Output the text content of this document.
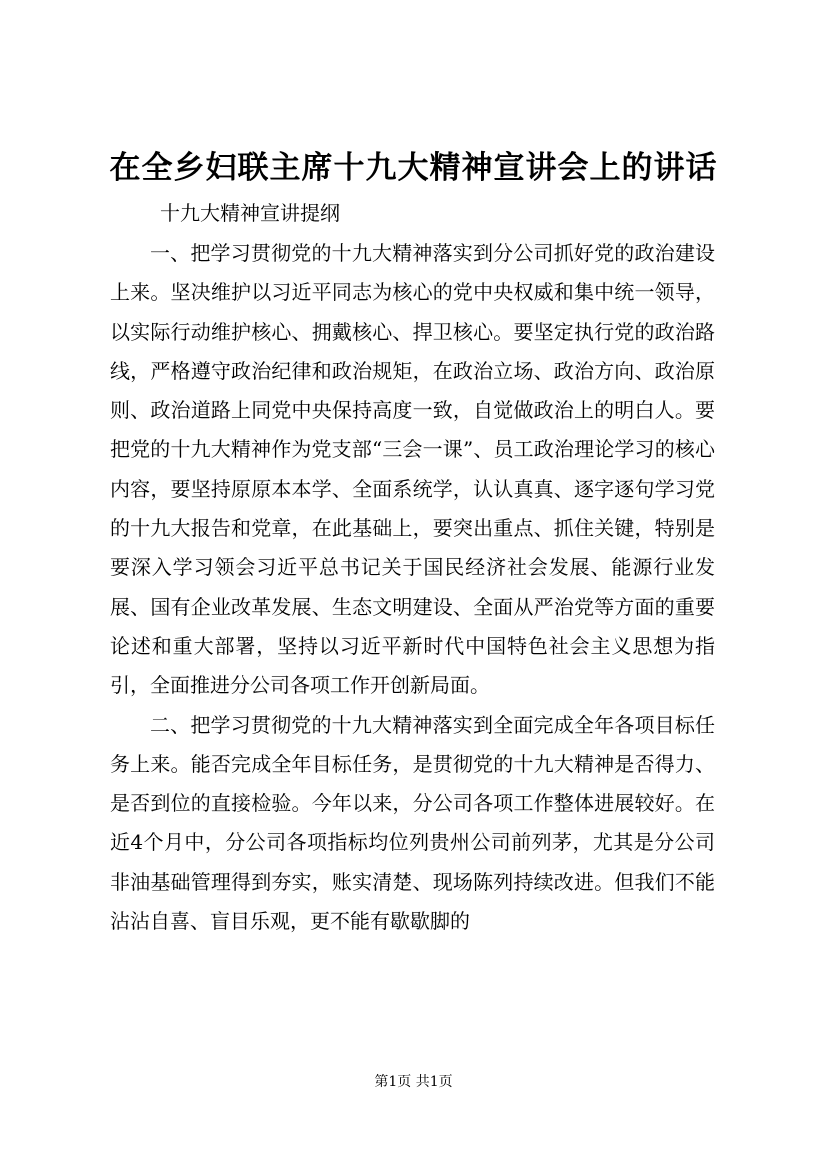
在全乡妇联主席十九大精神宣讲会上的讲话
十九大精神宣讲提纲

一、把学习贯彻党的十九大精神落实到分公司抓好党的政治建设上来。坚决维护以习近平同志为核心的党中央权威和集中统一领导，以实际行动维护核心、拥戴核心、捍卫核心。要坚定执行党的政治路线，严格遵守政治纪律和政治规矩，在政治立场、政治方向、政治原则、政治道路上同党中央保持高度一致，自觉做政治上的明白人。要把党的十九大精神作为党支部“三会一课”、员工政治理论学习的核心内容，要坚持原原本本学、全面系统学，认认真真、逐字逐句学习党的十九大报告和党章，在此基础上，要突出重点、抓住关键，特别是要深入学习领会习近平总书记关于国民经济社会发展、能源行业发展、国有企业改革发展、生态文明建设、全面从严治党等方面的重要论述和重大部署，坚持以习近平新时代中国特色社会主义思想为指引，全面推进分公司各项工作开创新局面。

二、把学习贯彻党的十九大精神落实到全面完成全年各项目标任务上来。能否完成全年目标任务，是贯彻党的十九大精神是否得力、是否到位的直接检验。今年以来，分公司各项工作整体进展较好。在近4个月中，分公司各项指标均位列贵州公司前列茅，尤其是分公司非油基础管理得到夯实，账实清楚、现场陈列持续改进。但我们不能沾沾自喜、盲目乐观，更不能有歇歇脚的

第1页 共1页
